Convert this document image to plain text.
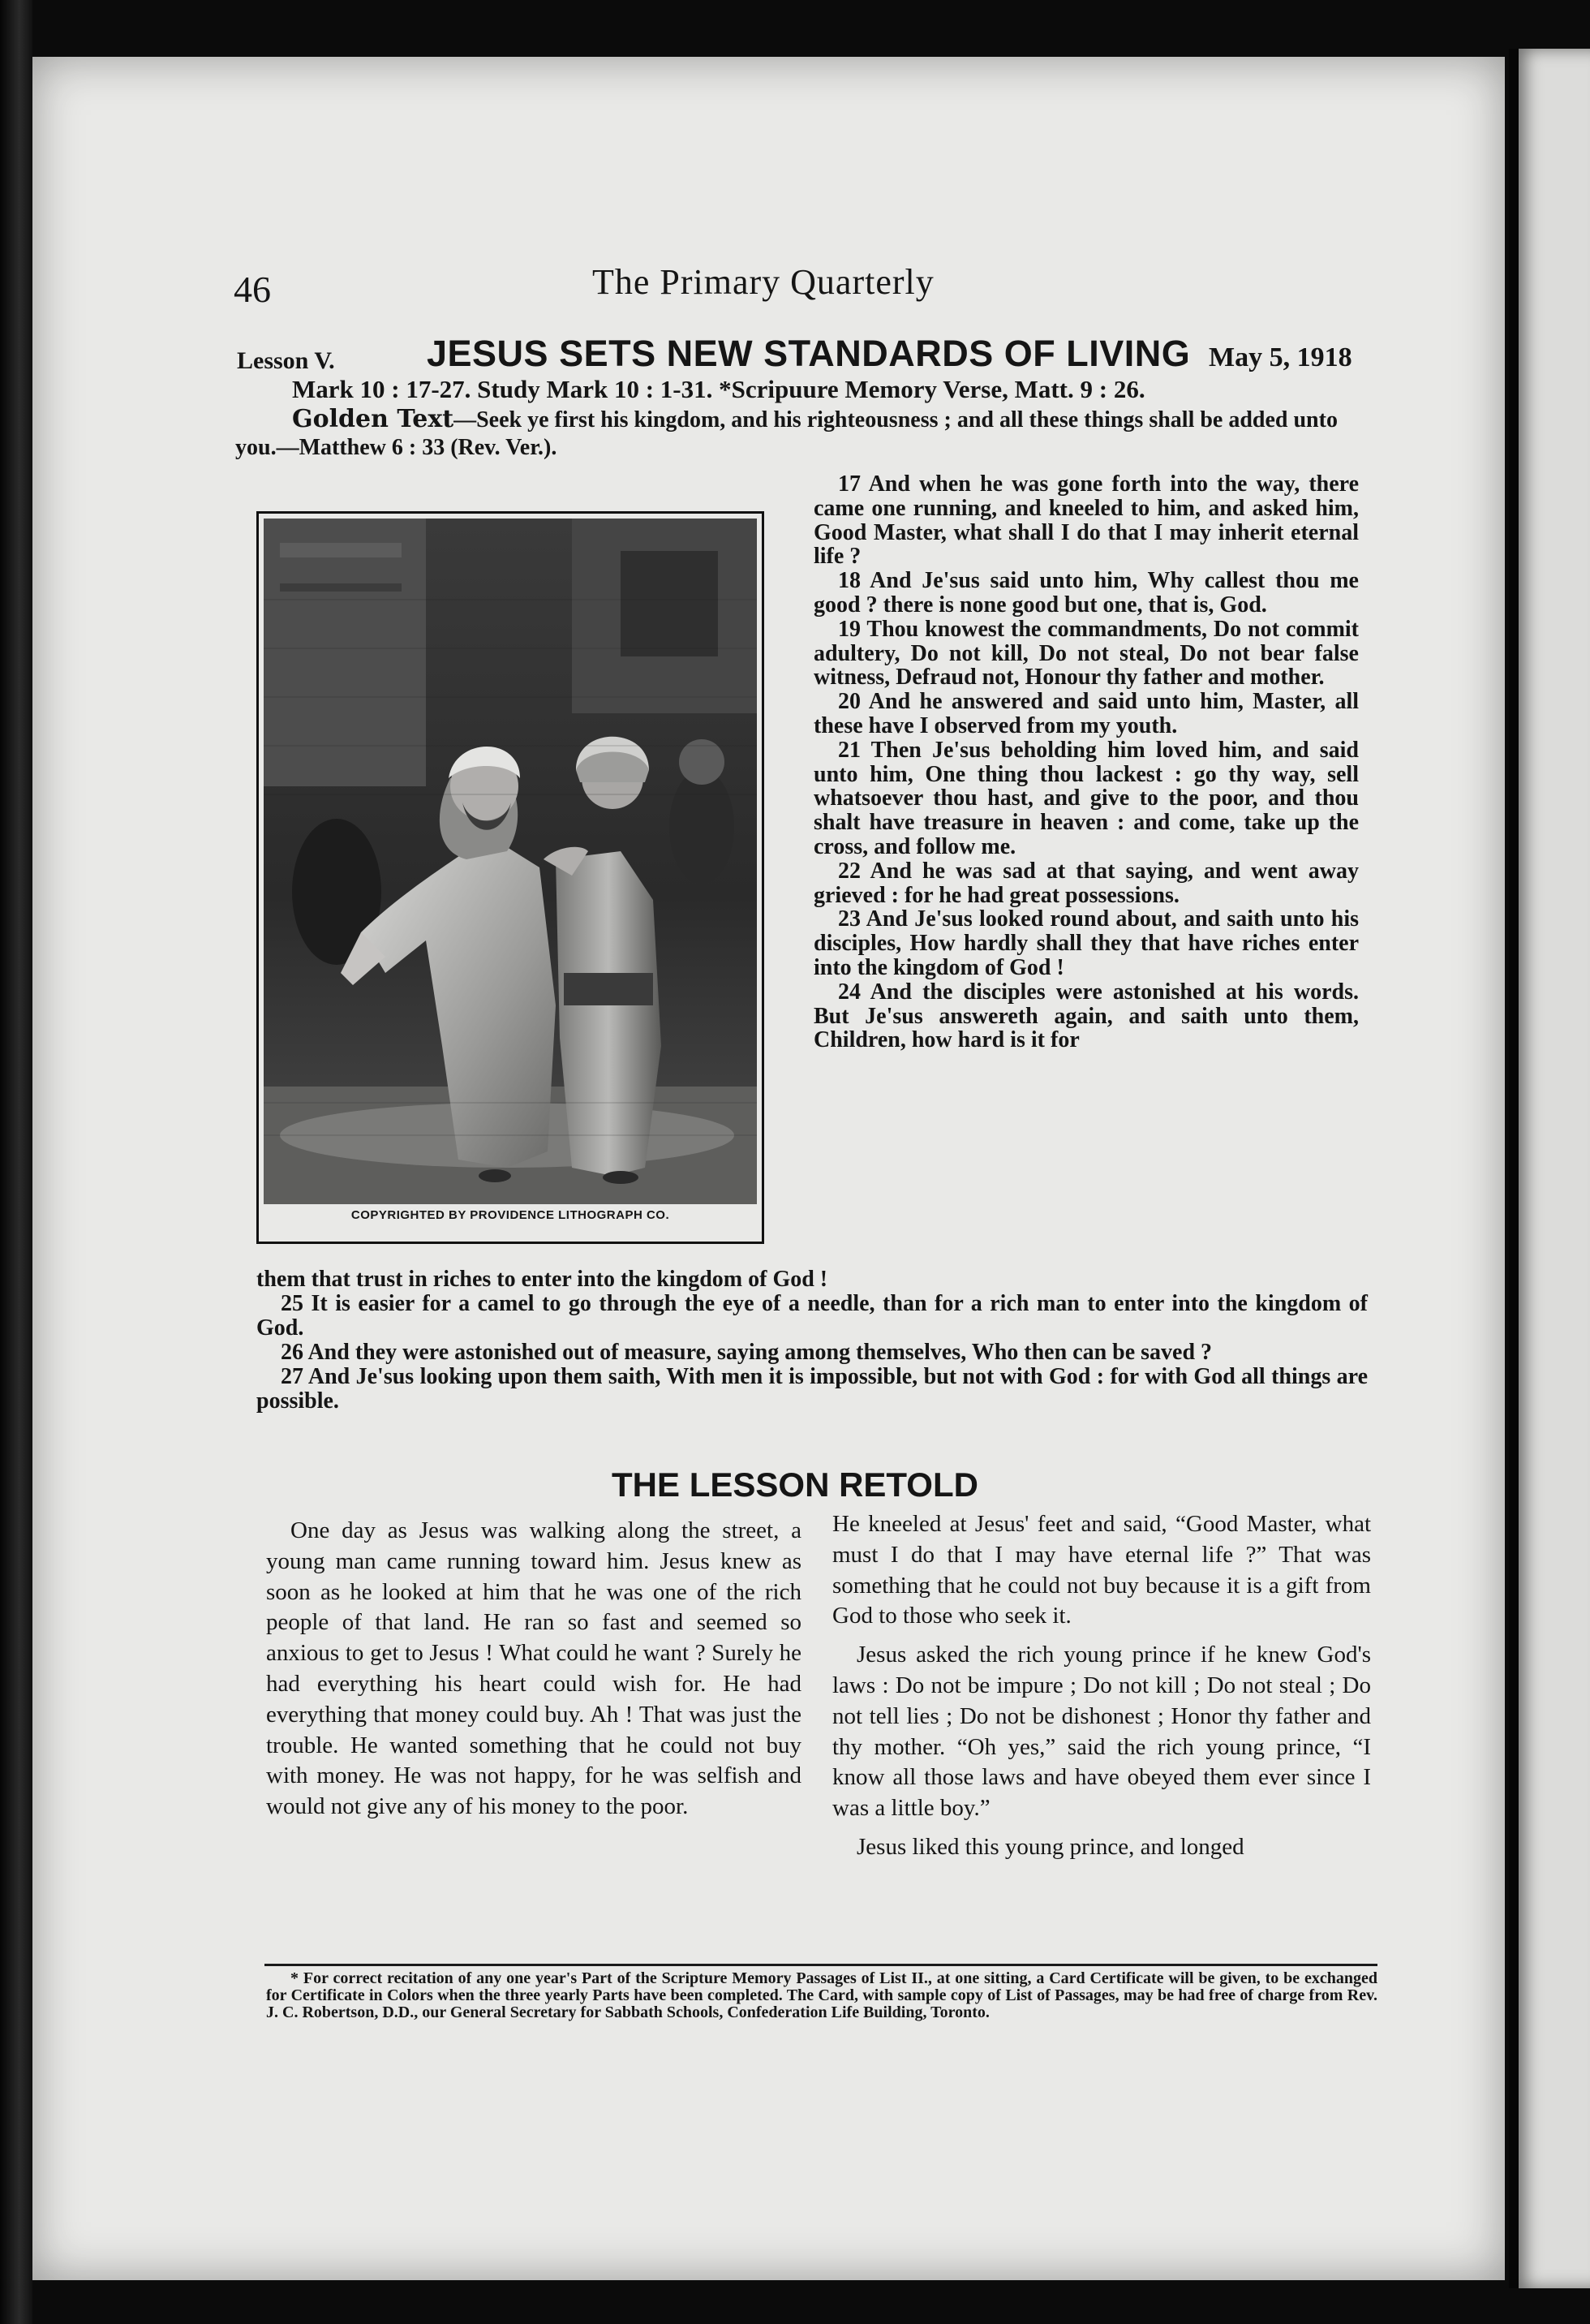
46	The Primary Quarterly
Lesson V.	JESUS SETS NEW STANDARDS OF LIVING May 5, 1918
Mark 10 : 17-27. Study Mark 10 : 1-31. *Scripuure Memory Verse, Matt. 9 : 26.
Golden Text—Seek ye first his kingdom, and his righteousness ; and all these things shall be added unto you.—Matthew 6 : 33 (Rev. Ver.).
COPYRIGHTED BY PROVIDENCE LITHOGRAPH CO.

17 And when he was gone forth into the way, there came one running, and kneeled to him, and asked him, Good Master, what shall I do that I may inherit eternal life ?

18 And Je'sus said unto him, Why callest thou me good ? there is none good but one, that is, God.

19 Thou knowest the commandments, Do not commit adultery, Do not kill, Do not steal, Do not bear false witness, Defraud not, Honour thy father and mother.

20 And he answered and said unto him, Master, all these have I observed from my youth.

21 Then Je'sus beholding him loved him, and said unto him, One thing thou lackest : go thy way, sell whatsoever thou hast, and give to the poor, and thou shalt have treasure in heaven : and come, take up the cross, and follow me.

22 And he was sad at that saying, and went away grieved : for he had great possessions.

23 And Je'sus looked round about, and saith unto his disciples, How hardly shall they that have riches enter into the kingdom of God !

24 And the disciples were astonished at his words. But Je'sus answereth again, and saith unto them, Children, how hard is it for

them that trust in riches to enter into the kingdom of God !

25 It is easier for a camel to go through the eye of a needle, than for a rich man to enter into the kingdom of God.

26 And they were astonished out of measure, saying among themselves, Who then can be saved ?

27 And Je'sus looking upon them saith, With men it is impossible, but not with God : for with God all things are possible.

THE LESSON RETOLD

One day as Jesus was walking along the street, a young man came running toward him. Jesus knew as soon as he looked at him that he was one of the rich people of that land. He ran so fast and seemed so anxious to get to Jesus ! What could he want ? Surely he had everything his heart could wish for. He had everything that money could buy. Ah ! That was just the trouble. He wanted something that he could not buy with money. He was not happy, for he was selfish and would not give any of his money to the poor.

He kneeled at Jesus' feet and said, “Good Master, what must I do that I may have eternal life ?” That was something that he could not buy because it is a gift from God to those who seek it.

Jesus asked the rich young prince if he knew God's laws : Do not be impure ; Do not kill ; Do not steal ; Do not tell lies ; Do not be dishonest ; Honor thy father and thy mother. “Oh yes,” said the rich young prince, “I know all those laws and have obeyed them ever since I was a little boy.”

Jesus liked this young prince, and longed

* For correct recitation of any one year's Part of the Scripture Memory Passages of List II., at one sitting, a Card Certificate will be given, to be exchanged for Certificate in Colors when the three yearly Parts have been completed. The Card, with sample copy of List of Passages, may be had free of charge from Rev. J. C. Robertson, D.D., our General Secretary for Sabbath Schools, Confederation Life Building, Toronto.
